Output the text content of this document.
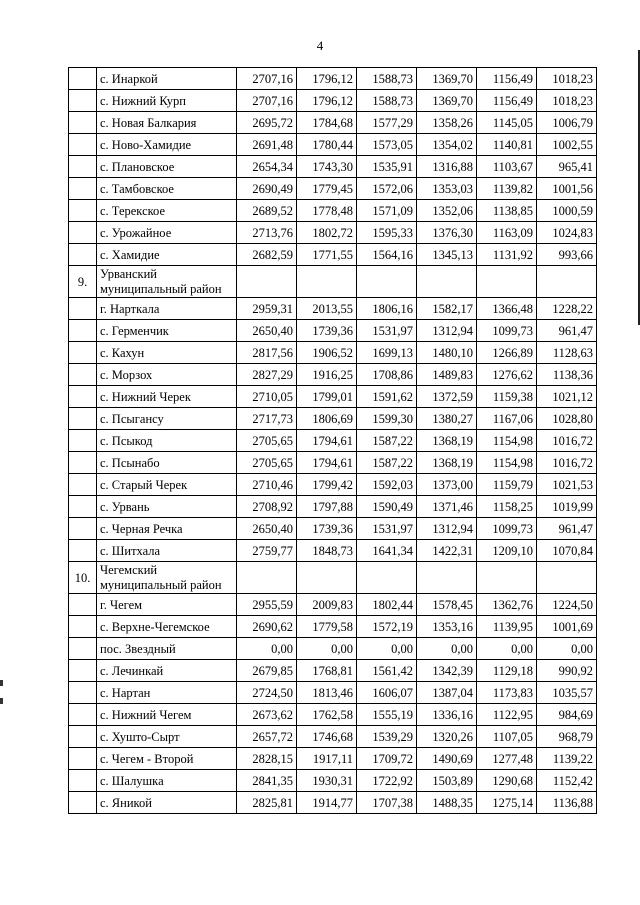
4
	с. Инаркой	2707,16	1796,12	1588,73	1369,70	1156,49	1018,23
	с. Нижний Курп	2707,16	1796,12	1588,73	1369,70	1156,49	1018,23
	с. Новая Балкария	2695,72	1784,68	1577,29	1358,26	1145,05	1006,79
	с. Ново-Хамидие	2691,48	1780,44	1573,05	1354,02	1140,81	1002,55
	с. Плановское	2654,34	1743,30	1535,91	1316,88	1103,67	965,41
	с. Тамбовское	2690,49	1779,45	1572,06	1353,03	1139,82	1001,56
	с. Терекское	2689,52	1778,48	1571,09	1352,06	1138,85	1000,59
	с. Урожайное	2713,76	1802,72	1595,33	1376,30	1163,09	1024,83
	с. Хамидие	2682,59	1771,55	1564,16	1345,13	1131,92	993,66
9.	Урванский муниципальный район						
	г. Нарткала	2959,31	2013,55	1806,16	1582,17	1366,48	1228,22
	с. Герменчик	2650,40	1739,36	1531,97	1312,94	1099,73	961,47
	с. Кахун	2817,56	1906,52	1699,13	1480,10	1266,89	1128,63
	с. Морзох	2827,29	1916,25	1708,86	1489,83	1276,62	1138,36
	с. Нижний Черек	2710,05	1799,01	1591,62	1372,59	1159,38	1021,12
	с. Псыгансу	2717,73	1806,69	1599,30	1380,27	1167,06	1028,80
	с. Псыкод	2705,65	1794,61	1587,22	1368,19	1154,98	1016,72
	с. Псынабо	2705,65	1794,61	1587,22	1368,19	1154,98	1016,72
	с. Старый Черек	2710,46	1799,42	1592,03	1373,00	1159,79	1021,53
	с. Урвань	2708,92	1797,88	1590,49	1371,46	1158,25	1019,99
	с. Черная Речка	2650,40	1739,36	1531,97	1312,94	1099,73	961,47
	с. Шитхала	2759,77	1848,73	1641,34	1422,31	1209,10	1070,84
10.	Чегемский муниципальный район						
	г. Чегем	2955,59	2009,83	1802,44	1578,45	1362,76	1224,50
	с. Верхне-Чегемское	2690,62	1779,58	1572,19	1353,16	1139,95	1001,69
	пос. Звездный	0,00	0,00	0,00	0,00	0,00	0,00
	с. Лечинкай	2679,85	1768,81	1561,42	1342,39	1129,18	990,92
	с. Нартан	2724,50	1813,46	1606,07	1387,04	1173,83	1035,57
	с. Нижний Чегем	2673,62	1762,58	1555,19	1336,16	1122,95	984,69
	с. Хушто-Сырт	2657,72	1746,68	1539,29	1320,26	1107,05	968,79
	с. Чегем - Второй	2828,15	1917,11	1709,72	1490,69	1277,48	1139,22
	с. Шалушка	2841,35	1930,31	1722,92	1503,89	1290,68	1152,42
	с. Яникой	2825,81	1914,77	1707,38	1488,35	1275,14	1136,88
